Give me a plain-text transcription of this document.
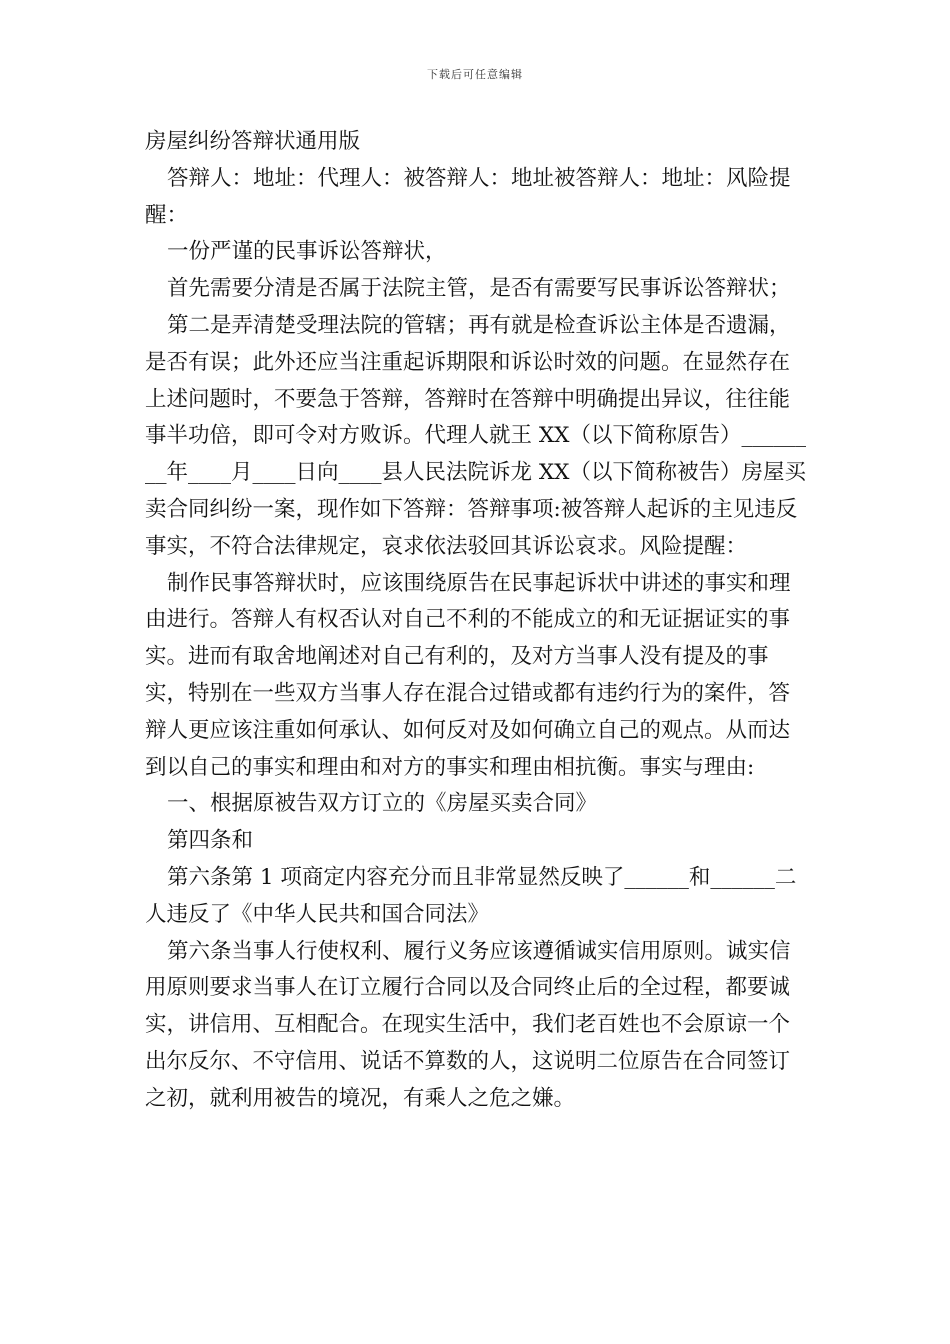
下载后可任意编辑

房屋纠纷答辩状通用版

答辩人：地址：代理人：被答辩人：地址被答辩人：地址：风险提醒：

一份严谨的民事诉讼答辩状，

首先需要分清是否属于法院主管，是否有需要写民事诉讼答辩状；

第二是弄清楚受理法院的管辖；再有就是检查诉讼主体是否遗漏，是否有误；此外还应当注重起诉期限和诉讼时效的问题。在显然存在上述问题时，不要急于答辩，答辩时在答辩中明确提出异议，往往能事半功倍，即可令对方败诉。代理人就王 XX（以下简称原告）________年____月____日向____县人民法院诉龙 XX（以下简称被告）房屋买卖合同纠纷一案，现作如下答辩：答辩事项:被答辩人起诉的主见违反事实，不符合法律规定，哀求依法驳回其诉讼哀求。风险提醒：

制作民事答辩状时，应该围绕原告在民事起诉状中讲述的事实和理由进行。答辩人有权否认对自己不利的不能成立的和无证据证实的事实。进而有取舍地阐述对自己有利的，及对方当事人没有提及的事实，特别在一些双方当事人存在混合过错或都有违约行为的案件，答辩人更应该注重如何承认、如何反对及如何确立自己的观点。从而达到以自己的事实和理由和对方的事实和理由相抗衡。事实与理由:

一、根据原被告双方订立的《房屋买卖合同》

第四条和

第六条第 1 项商定内容充分而且非常显然反映了______和______二人违反了《中华人民共和国合同法》

第六条当事人行使权利、履行义务应该遵循诚实信用原则。诚实信用原则要求当事人在订立履行合同以及合同终止后的全过程，都要诚实，讲信用、互相配合。在现实生活中，我们老百姓也不会原谅一个出尔反尔、不守信用、说话不算数的人，这说明二位原告在合同签订之初，就利用被告的境况，有乘人之危之嫌。
